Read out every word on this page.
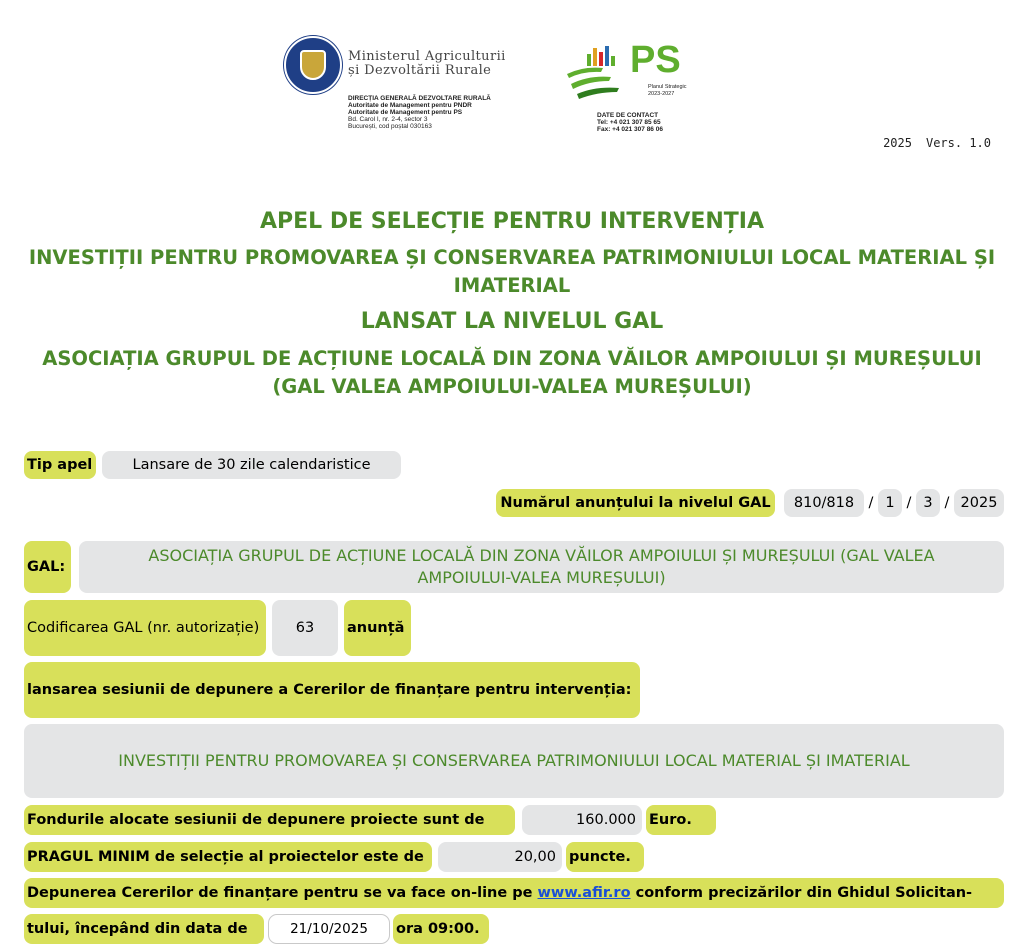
Ministerul Agriculturii
și Dezvoltării Rurale
DIRECȚIA GENERALĂ DEZVOLTARE RURALĂ
Autoritate de Management pentru PNDR
Autoritate de Management pentru PS
Bd. Carol I, nr. 2-4, sector 3
București, cod poștal 030163
PS
Planul Strategic
2023-2027
DATE DE CONTACT
Tel: +4 021 307 85 65
Fax: +4 021 307 86 06
2025 Vers. 1.0
APEL DE SELECȚIE PENTRU INTERVENȚIA
INVESTIȚII PENTRU PROMOVAREA ȘI CONSERVAREA PATRIMONIULUI LOCAL MATERIAL ȘI IMATERIAL
LANSAT LA NIVELUL GAL
ASOCIAȚIA GRUPUL DE ACȚIUNE LOCALĂ DIN ZONA VĂILOR AMPOIULUI ȘI MUREȘULUI (GAL VALEA AMPOIULUI-VALEA MUREȘULUI)
Tip apel	Lansare de 30 zile calendaristice
Numărul anunțului la nivelul GAL	810/818 / 1 / 3 / 2025
GAL:
ASOCIAȚIA GRUPUL DE ACȚIUNE LOCALĂ DIN ZONA VĂILOR AMPOIULUI ȘI MUREȘULUI (GAL VALEA AMPOIULUI-VALEA MUREȘULUI)
Codificarea GAL (nr. autorizație)	63	anunță
lansarea sesiunii de depunere a Cererilor de finanțare pentru intervenția:
INVESTIȚII PENTRU PROMOVAREA ȘI CONSERVAREA PATRIMONIULUI LOCAL MATERIAL ȘI IMATERIAL
Fondurile alocate sesiunii de depunere proiecte sunt de	160.000 Euro.
PRAGUL MINIM de selecție al proiectelor este de	20,00 puncte.
Depunerea Cererilor de finanțare pentru se va face on-line pe
www.afir.ro
conform precizărilor din Ghidul Solicitan-
tului, începând din data de	21/10/2025	ora 09:00.
